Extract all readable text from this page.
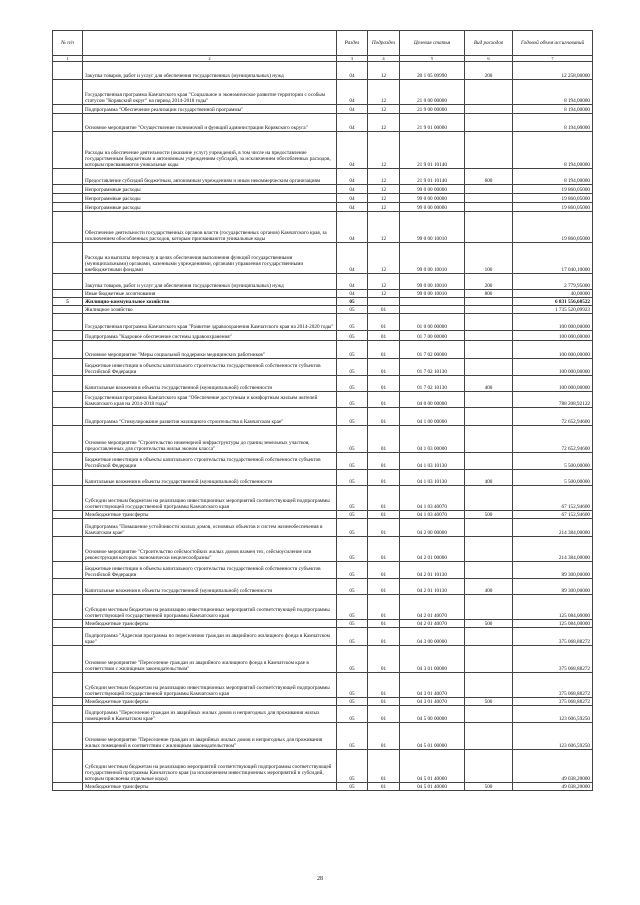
№ п/п		Раздел	Подраздел	Целевая статья	Вид расходов	Годовой объем ассигнований
1	2	3	4	5	6	7
	Закупка товаров, работ и услуг для обеспечения государственных (муниципальных) нужд	04	12	20 1 05 09990	200	12 258,00000
	Государственная программа Камчатского края "Социальное и экономическое развитие территории с особым статусом "Корякский округ" на период 2014-2018 годы"	04	12	21 0 00 00000		8 194,00000
	Подпрограмма "Обеспечение реализации государственной программы"	04	12	21 9 00 00000		8 194,00000
	Основное мероприятие "Осуществление полномочий и функций администрации Корякского округа"	04	12	21 9 01 00000		8 194,00000
	Расходы на обеспечение деятельности (оказание услуг) учреждений, в том числе на предоставление государственным бюджетным и автономным учреждениям субсидий, за исключением обособленных расходов, которым присваиваются уникальные коды	04	12	21 9 01 10140		8 194,00000
	Предоставление субсидий бюджетным, автономным учреждениям и иным некоммерческим организациям	04	12	21 9 01 10140	600	8 194,00000
	Непрограммные расходы	04	12	99 0 00 00000		19 860,05000
	Непрограммные расходы	04	12	99 0 00 00000		19 860,05000
	Непрограммные расходы	04	12	99 0 00 00000		19 860,05000
	Обеспечение деятельности государственных органов власти (государственных органов) Камчатского края, за исключением обособленных расходов, которым присваиваются уникальные коды	04	12	99 0 00 10010		19 860,05000
	Расходы на выплаты персоналу в целях обеспечения выполнения функций государственными (муниципальными) органами, казенными учреждениями, органами управления государственными внебюджетными фондами	04	12	99 0 00 10010	100	17 040,10000
	Закупка товаров, работ и услуг для обеспечения государственных (муниципальных) нужд	04	12	99 0 00 10010	200	2 779,95000
	Иные бюджетные ассигнования	04	12	99 0 00 10010	800	40,00000
5	Жилищно-коммунальное хозяйство	05				6 831 556,68522
	Жилищное хозяйство	05	01			1 735 520,09923
	Государственная программа Камчатского края "Развитие здравоохранения Камчатского края на 2014-2020 годы"	05	01	01 0 00 00000		100 000,00000
	Подпрограмма "Кадровое обеспечение системы здравоохранения"	05	01	01 7 00 00000		100 000,00000
	Основное мероприятие "Меры социальной поддержки медицинских работников"	05	01	01 7 02 00000		100 000,00000
	Бюджетные инвестиции в объекты капитального строительства государственной собственности субъектов Российской Федерации	05	01	01 7 02 10130		100 000,00000
	Капитальные вложения в объекты государственной (муниципальной) собственности	05	01	01 7 02 10130	400	100 000,00000
	Государственная программа Камчатского края "Обеспечение доступным и комфортным жильем жителей Камчатского края на 2014-2018 годы"	05	01	04 0 00 00000		788 208,92122
	Подпрограмма "Стимулирование развития жилищного строительства в Камчатском крае"	05	01	04 1 00 00000		72 652,94600
	Основное мероприятие "Строительство инженерной инфраструктуры до границ земельных участков, предоставленных для строительства жилья эконом класса"	05	01	04 1 03 00000		72 652,94600
	Бюджетные инвестиции в объекты капитального строительства государственной собственности субъектов Российской Федерации	05	01	04 1 03 10130		5 500,00000
	Капитальные вложения в объекты государственной (муниципальной) собственности	05	01	04 1 03 10130	400	5 500,00000
	Субсидии местным бюджетам на реализацию инвестиционных мероприятий соответствующей подпрограммы соответствующей государственной программы Камчатского края	05	01	04 1 03 40070		67 152,94600
	Межбюджетные трансферты	05	01	04 1 03 40070	500	67 152,94600
	Подпрограмма "Повышение устойчивости жилых домов, основных объектов и систем жизнеобеспечения в Камчатском крае"	05	01	04 2 00 00000		214 384,00000
	Основное мероприятие "Строительство сейсмостойких жилых домов взамен тех, сейсмоусиление или реконструкция которых экономически нецелесообразны"	05	01	04 2 01 00000		214 384,00000
	Бюджетные инвестиции в объекты капитального строительства государственной собственности субъектов Российской Федерации	05	01	04 2 01 10130		89 300,00000
	Капитальные вложения в объекты государственной (муниципальной) собственности	05	01	04 2 01 10130	400	89 300,00000
	Субсидии местным бюджетам на реализацию инвестиционных мероприятий соответствующей подпрограммы соответствующей государственной программы Камчатского края	05	01	04 2 01 40070		125 084,00000
	Межбюджетные трансферты	05	01	04 2 01 40070	500	125 084,00000
	Подпрограмма "Адресная программа по переселению граждан из аварийного жилищного фонда в Камчатском крае"	05	01	04 3 00 00000		375 068,88272
	Основное мероприятие "Переселение граждан из аварийного жилищного фонда в Камчатском крае в соответствии с жилищным законодательством"	05	01	04 3 01 00000		375 068,88272
	Субсидии местным бюджетам на реализацию инвестиционных мероприятий соответствующей подпрограммы соответствующей государственной программы Камчатского края	05	01	04 3 01 40070		375 068,88272
	Межбюджетные трансферты	05	01	04 3 01 40070	500	375 068,88272
	Подпрограмма "Переселение граждан из аварийных жилых домов и непригодных для проживания жилых помещений в Камчатском крае"	05	01	04 5 00 00000		123 606,59250
	Основное мероприятие "Переселение граждан из аварийных жилых домов и непригодных для проживания жилых помещений в соответствии с жилищным законодательством"	05	01	04 5 01 00000		123 606,59250
	Субсидии местным бюджетам на реализацию мероприятий соответствующей подпрограммы соответствующей государственной программы Камчатского края (за исключением инвестиционных мероприятий и субсидий, которым присвоены отдельные коды)	05	01	04 5 01 40060		49 038,20000
	Межбюджетные трансферты	05	01	04 5 01 40060	500	49 038,20000
28
